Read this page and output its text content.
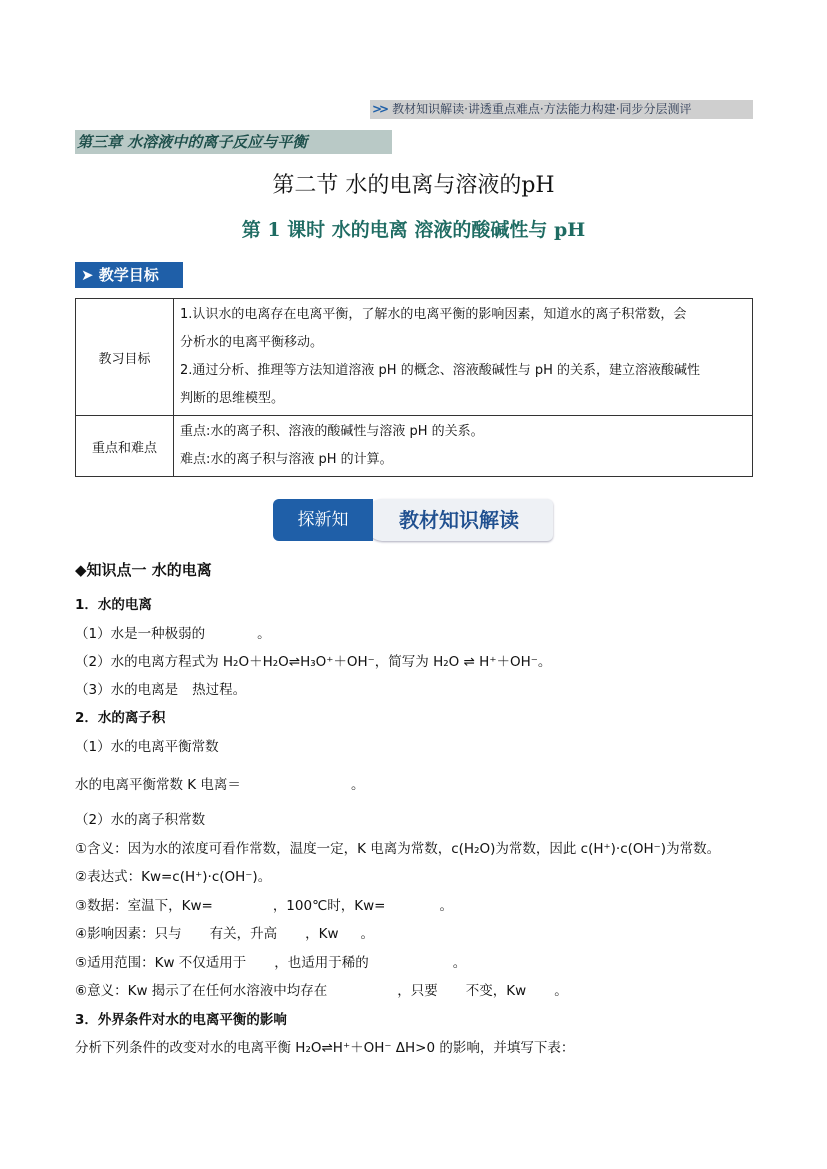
>> 教材知识解读·讲透重点难点·方法能力构建·同步分层测评
第三章 水溶液中的离子反应与平衡
第二节 水的电离与溶液的pH
第 1 课时 水的电离 溶液的酸碱性与 pH
➤ 教学目标
教习目标	1.认识水的电离存在电离平衡，了解水的电离平衡的影响因素，知道水的离子积常数，会
分析水的电离平衡移动。
2.通过分析、推理等方法知道溶液 pH 的概念、溶液酸碱性与 pH 的关系，建立溶液酸碱性
判断的思维模型。

重点和难点	重点:水的离子积、溶液的酸碱性与溶液 pH 的关系。
难点:水的离子积与溶液 pH 的计算。
教材知识解读
探新知
◆知识点一 水的电离
1．水的电离
（1）水是一种极弱的	。
（2）水的电离方程式为 H₂O＋H₂O⇌H₃O⁺＋OH⁻，简写为 H₂O ⇌ H⁺＋OH⁻。
（3）水的电离是 热过程。
2．水的离子积
（1）水的电离平衡常数
水的电离平衡常数 K 电离＝	。
（2）水的离子积常数
①含义：因为水的浓度可看作常数，温度一定，K 电离为常数，c(H₂O)为常数，因此 c(H⁺)·c(OH⁻)为常数。
②表达式：Kw=c(H⁺)·c(OH⁻)。
③数据：室温下，Kw=	，100℃时，Kw=	。
④影响因素：只与 有关，升高 ，Kw 。
⑤适用范围：Kw 不仅适用于 ，也适用于稀的	。
⑥意义：Kw 揭示了在任何水溶液中均存在	，只要 不变，Kw 。
3．外界条件对水的电离平衡的影响
分析下列条件的改变对水的电离平衡 H₂O⇌H⁺＋OH⁻ ΔH>0 的影响，并填写下表：
